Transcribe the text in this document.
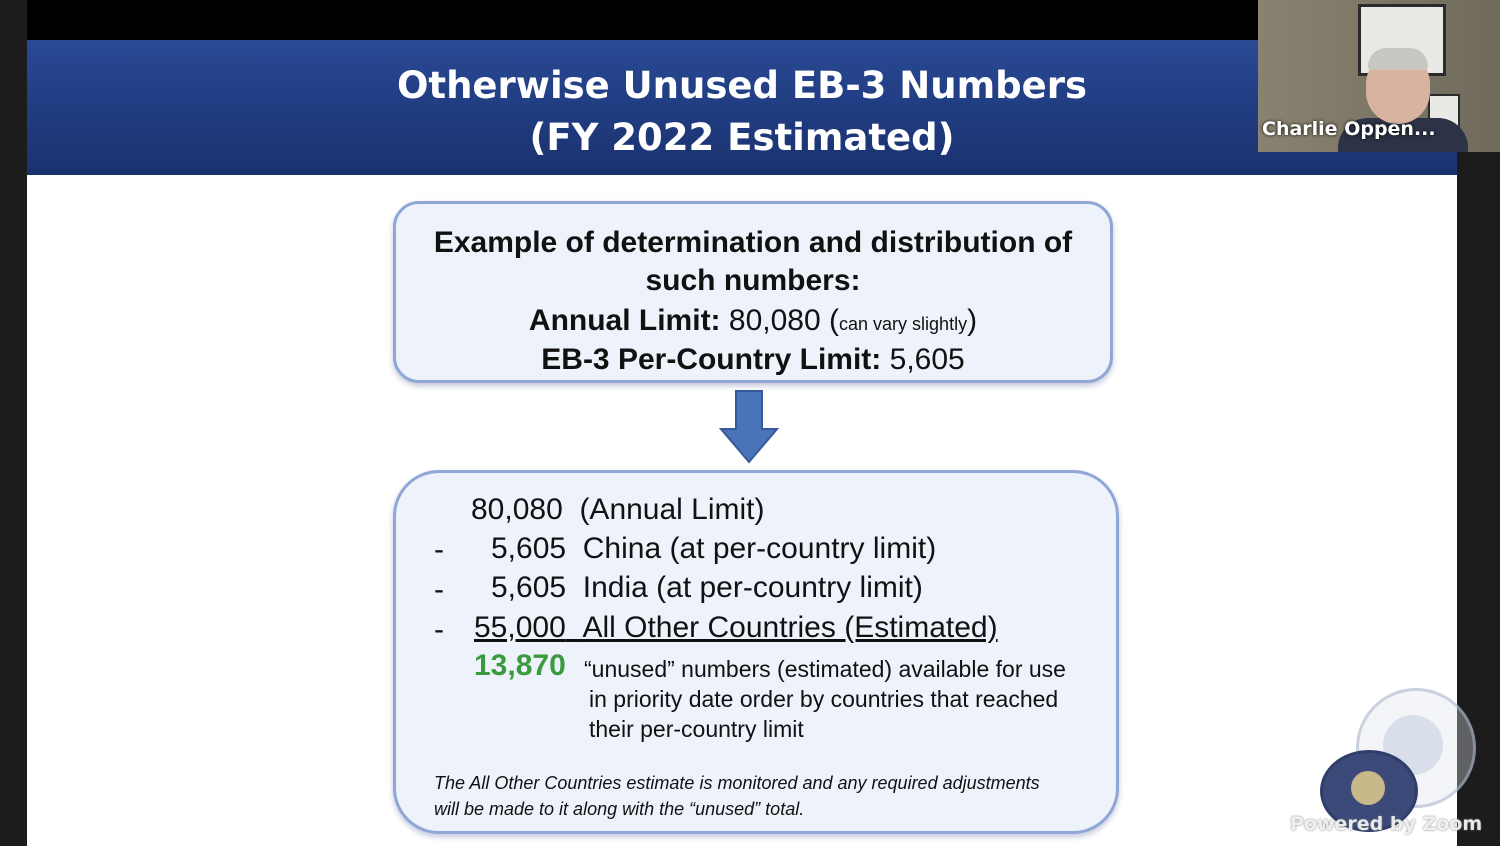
Otherwise Unused EB-3 Numbers
(FY 2022 Estimated)
Example of determination and distribution of
such numbers:
Annual Limit: 80,080 (can vary slightly)
EB-3 Per-Country Limit: 5,605
80,080 (Annual Limit)
- 5,605 China (at per-country limit)
- 5,605 India (at per-country limit)
- 55,000 All Other Countries (Estimated)
13,870 “unused” numbers (estimated) available for use
in priority date order by countries that reached
their per-country limit
The All Other Countries estimate is monitored and any required adjustments
will be made to it along with the “unused” total.
Charlie Oppen...
Powered by Zoom
